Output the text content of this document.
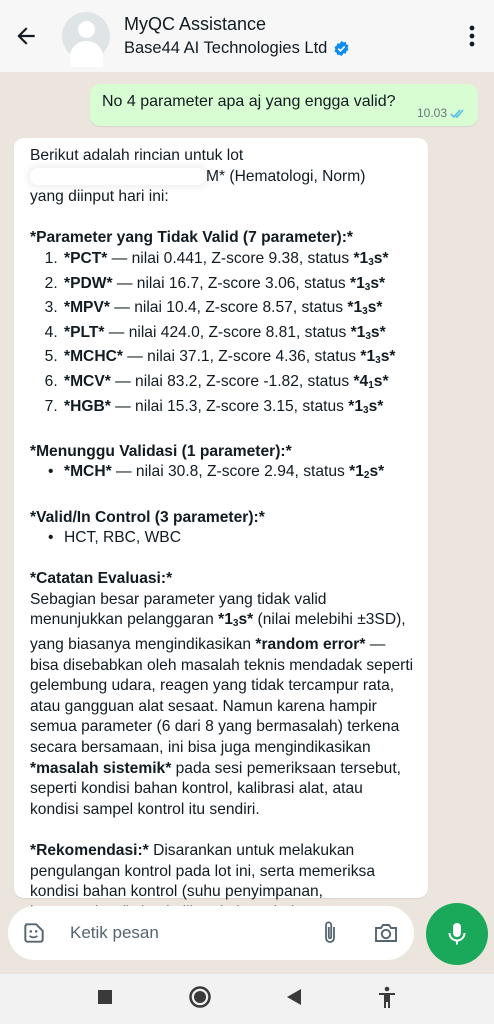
MyQC Assistance
Base44 AI Technologies Ltd
No 4 parameter apa aj yang engga valid?
10.03

Berikut adalah rincian untuk lot

M* (Hematologi, Norm)

yang diinput hari ini:

*Parameter yang Tidak Valid (7 parameter):*

1. *PCT* — nilai 0.441, Z-score 9.38, status $*1_3s*$
2. *PDW* — nilai 16.7, Z-score 3.06, status $*1_3s*$
3. *MPV* — nilai 10.4, Z-score 8.57, status $*1_3s*$
4. *PLT* — nilai 424.0, Z-score 8.81, status $*1_3s*$
5. *MCHC* — nilai 37.1, Z-score 4.36, status $*1_3s*$
6. *MCV* — nilai 83.2, Z-score -1.82, status $*4_1s*$
7. *HGB* — nilai 15.3, Z-score 3.15, status $*1_3s*$

*Menunggu Validasi (1 parameter):*

• *MCH* — nilai 30.8, Z-score 2.94, status $*1_2s*$

*Valid/In Control (3 parameter):*

• HCT, RBC, WBC

*Catatan Evaluasi:*

Sebagian besar parameter yang tidak valid menunjukkan pelanggaran $*1_3s*$ (nilai melebihi ±3SD), yang biasanya mengindikasikan *random error* — bisa disebabkan oleh masalah teknis mendadak seperti gelembung udara, reagen yang tidak tercampur rata, atau gangguan alat sesaat. Namun karena hampir semua parameter (6 dari 8 yang bermasalah) terkena secara bersamaan, ini bisa juga mengindikasikan *masalah sistemik* pada sesi pemeriksaan tersebut, seperti kondisi bahan kontrol, kalibrasi alat, atau kondisi sampel kontrol itu sendiri.

*Rekomendasi:* Disarankan untuk melakukan pengulangan kontrol pada lot ini, serta memeriksa kondisi bahan kontrol (suhu penyimpanan,

Ketik pesan
